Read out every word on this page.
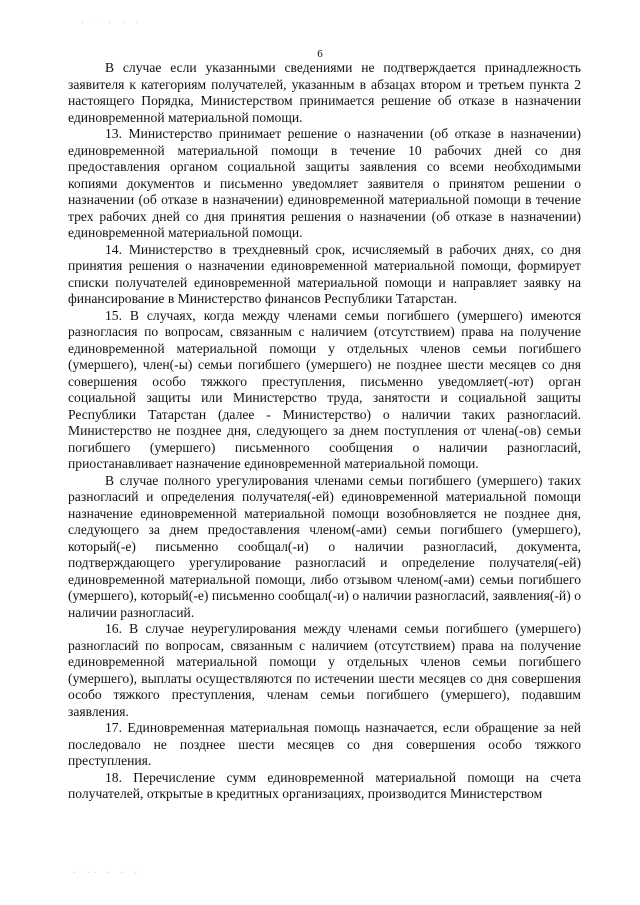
· · · · ·
6

В случае если указанными сведениями не подтверждается принадлежность заявителя к категориям получателей, указанным в абзацах втором и третьем пункта 2 настоящего Порядка, Министерством принимается решение об отказе в назначении единовременной материальной помощи.

13. Министерство принимает решение о назначении (об отказе в назначении) единовременной материальной помощи в течение 10 рабочих дней со дня предоставления органом социальной защиты заявления со всеми необходимыми копиями документов и письменно уведомляет заявителя о принятом решении о назначении (об отказе в назначении) единовременной материальной помощи в течение трех рабочих дней со дня принятия решения о назначении (об отказе в назначении) единовременной материальной помощи.

14. Министерство в трехдневный срок, исчисляемый в рабочих днях, со дня принятия решения о назначении единовременной материальной помощи, формирует списки получателей единовременной материальной помощи и направляет заявку на финансирование в Министерство финансов Республики Татарстан.

15. В случаях, когда между членами семьи погибшего (умершего) имеются разногласия по вопросам, связанным с наличием (отсутствием) права на получение единовременной материальной помощи у отдельных членов семьи погибшего (умершего), член(-ы) семьи погибшего (умершего) не позднее шести месяцев со дня совершения особо тяжкого преступления, письменно уведомляет(-ют) орган социальной защиты или Министерство труда, занятости и социальной защиты Республики Татарстан (далее - Министерство) о наличии таких разногласий. Министерство не позднее дня, следующего за днем поступления от члена(-ов) семьи погибшего (умершего) письменного сообщения о наличии разногласий, приостанавливает назначение единовременной материальной помощи.

В случае полного урегулирования членами семьи погибшего (умершего) таких разногласий и определения получателя(-ей) единовременной материальной помощи назначение единовременной материальной помощи возобновляется не позднее дня, следующего за днем предоставления членом(-ами) семьи погибшего (умершего), который(-е) письменно сообщал(-и) о наличии разногласий, документа, подтверждающего урегулирование разногласий и определение получателя(-ей) единовременной материальной помощи, либо отзывом членом(-ами) семьи погибшего (умершего), который(-е) письменно сообщал(-и) о наличии разногласий, заявления(-й) о наличии разногласий.

16. В случае неурегулирования между членами семьи погибшего (умершего) разногласий по вопросам, связанным с наличием (отсутствием) права на получение единовременной материальной помощи у отдельных членов семьи погибшего (умершего), выплаты осуществляются по истечении шести месяцев со дня совершения особо тяжкого преступления, членам семьи погибшего (умершего), подавшим заявления.

17. Единовременная материальная помощь назначается, если обращение за ней последовало не позднее шести месяцев со дня совершения особо тяжкого преступления.

18. Перечисление сумм единовременной материальной помощи на счета получателей, открытые в кредитных организациях, производится Министерством

· ·· · · ·
